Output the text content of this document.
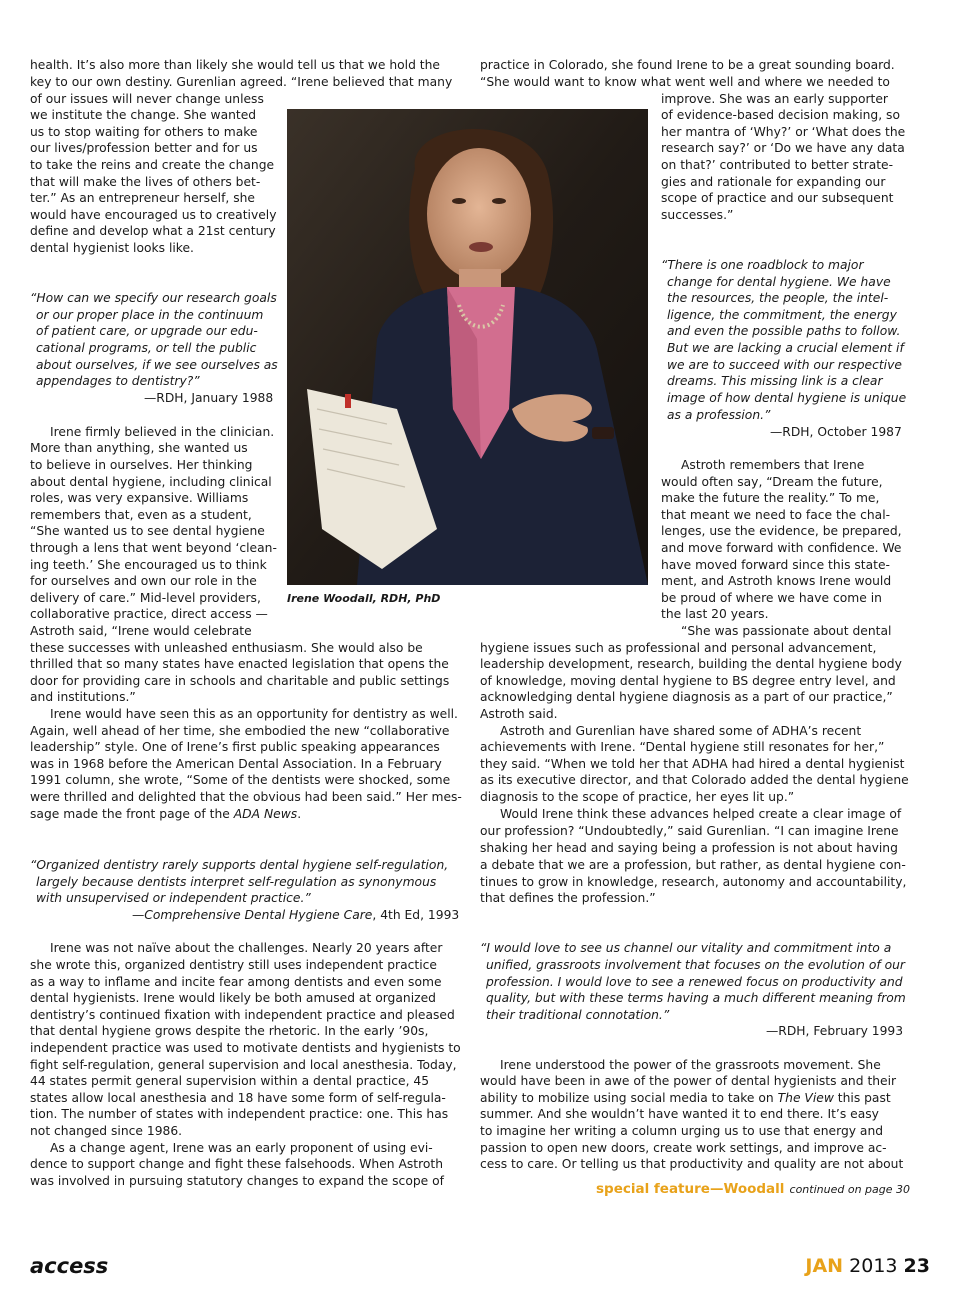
health. It’s also more than likely she would tell us that we hold the
key to our own destiny. Gurenlian agreed. “Irene believed that many
of our issues will never change unless
we institute the change. She wanted
us to stop waiting for others to make
our lives/profession better and for us
to take the reins and create the change
that will make the lives of others bet-
ter.” As an entrepreneur herself, she
would have encouraged us to creatively
define and develop what a 21st century
dental hygienist looks like.
“How can we specify our research goals
or our proper place in the continuum
of patient care, or upgrade our edu-
cational programs, or tell the public
about ourselves, if we see ourselves as
appendages to dentistry?”
—RDH, January 1988
Irene firmly believed in the clinician.
More than anything, she wanted us
to believe in ourselves. Her thinking
about dental hygiene, including clinical
roles, was very expansive. Williams
remembers that, even as a student,
“She wanted us to see dental hygiene
through a lens that went beyond ‘clean-
ing teeth.’ She encouraged us to think
for ourselves and own our role in the
delivery of care.” Mid-level providers,
collaborative practice, direct access —
Astroth said, “Irene would celebrate
these successes with unleashed enthusiasm. She would also be
thrilled that so many states have enacted legislation that opens the
door for providing care in schools and charitable and public settings
and institutions.”
Irene would have seen this as an opportunity for dentistry as well.
Again, well ahead of her time, she embodied the new “collaborative
leadership” style. One of Irene’s first public speaking appearances
was in 1968 before the American Dental Association. In a February
1991 column, she wrote, “Some of the dentists were shocked, some
were thrilled and delighted that the obvious had been said.” Her mes-
sage made the front page of the ADA News.
“Organized dentistry rarely supports dental hygiene self-regulation,
largely because dentists interpret self-regulation as synonymous
with unsupervised or independent practice.”
—Comprehensive Dental Hygiene Care, 4th Ed, 1993
Irene was not naïve about the challenges. Nearly 20 years after
she wrote this, organized dentistry still uses independent practice
as a way to inflame and incite fear among dentists and even some
dental hygienists. Irene would likely be both amused at organized
dentistry’s continued fixation with independent practice and pleased
that dental hygiene grows despite the rhetoric. In the early ’90s,
independent practice was used to motivate dentists and hygienists to
fight self-regulation, general supervision and local anesthesia. Today,
44 states permit general supervision within a dental practice, 45
states allow local anesthesia and 18 have some form of self-regula-
tion. The number of states with independent practice: one. This has
not changed since 1986.
As a change agent, Irene was an early proponent of using evi-
dence to support change and fight these falsehoods. When Astroth
was involved in pursuing statutory changes to expand the scope of
Irene Woodall, RDH, PhD
practice in Colorado, she found Irene to be a great sounding board.
“She would want to know what went well and where we needed to
improve. She was an early supporter
of evidence-based decision making, so
her mantra of ‘Why?’ or ‘What does the
research say?’ or ‘Do we have any data
on that?’ contributed to better strate-
gies and rationale for expanding our
scope of practice and our subsequent
successes.”
“There is one roadblock to major
change for dental hygiene. We have
the resources, the people, the intel-
ligence, the commitment, the energy
and even the possible paths to follow.
But we are lacking a crucial element if
we are to succeed with our respective
dreams. This missing link is a clear
image of how dental hygiene is unique
as a profession.”
—RDH, October 1987
Astroth remembers that Irene
would often say, “Dream the future,
make the future the reality.” To me,
that meant we need to face the chal-
lenges, use the evidence, be prepared,
and move forward with confidence. We
have moved forward since this state-
ment, and Astroth knows Irene would
be proud of where we have come in
the last 20 years.
“She was passionate about dental
hygiene issues such as professional and personal advancement,
leadership development, research, building the dental hygiene body
of knowledge, moving dental hygiene to BS degree entry level, and
acknowledging dental hygiene diagnosis as a part of our practice,”
Astroth said.
Astroth and Gurenlian have shared some of ADHA’s recent
achievements with Irene. “Dental hygiene still resonates for her,”
they said. “When we told her that ADHA had hired a dental hygienist
as its executive director, and that Colorado added the dental hygiene
diagnosis to the scope of practice, her eyes lit up.”
Would Irene think these advances helped create a clear image of
our profession? “Undoubtedly,” said Gurenlian. “I can imagine Irene
shaking her head and saying being a profession is not about having
a debate that we are a profession, but rather, as dental hygiene con-
tinues to grow in knowledge, research, autonomy and accountability,
that defines the profession.”
“I would love to see us channel our vitality and commitment into a
unified, grassroots involvement that focuses on the evolution of our
profession. I would love to see a renewed focus on productivity and
quality, but with these terms having a much different meaning from
their traditional connotation.”
—RDH, February 1993
Irene understood the power of the grassroots movement. She
would have been in awe of the power of dental hygienists and their
ability to mobilize using social media to take on The View this past
summer. And she wouldn’t have wanted it to end there. It’s easy
to imagine her writing a column urging us to use that energy and
passion to open new doors, create work settings, and improve ac-
cess to care. Or telling us that productivity and quality are not about
special feature—Woodall continued on page 30
access	JAN 2013 23
